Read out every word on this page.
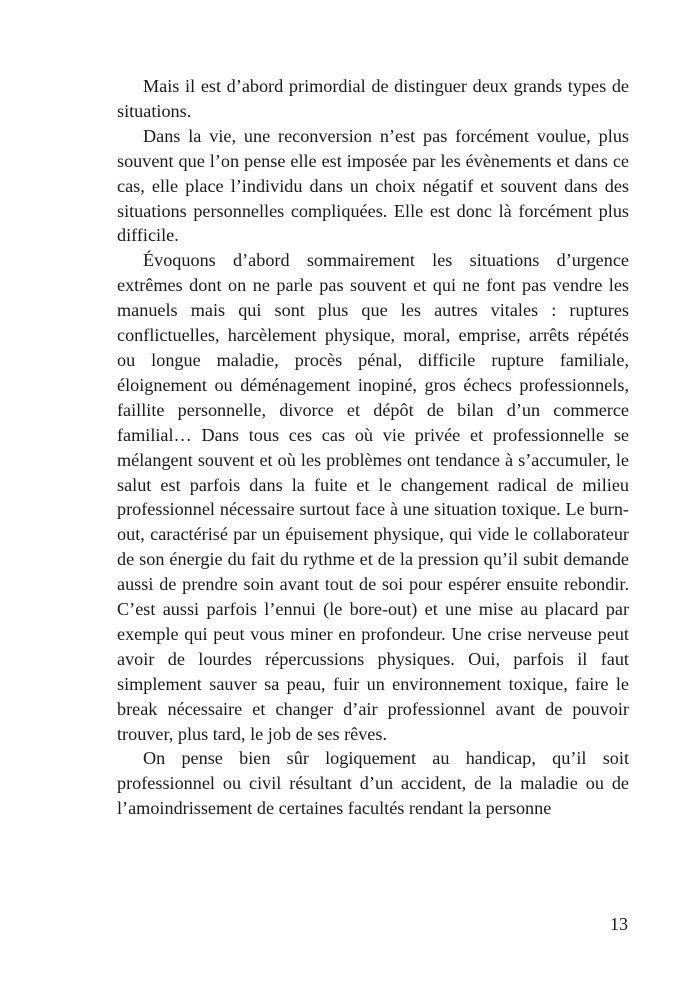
Mais il est d’abord primordial de distinguer deux grands types de situations.

Dans la vie, une reconversion n’est pas forcément voulue, plus souvent que l’on pense elle est imposée par les évènements et dans ce cas, elle place l’individu dans un choix négatif et souvent dans des situations personnelles compliquées. Elle est donc là forcément plus difficile.

Évoquons d’abord sommairement les situations d’urgence extrêmes dont on ne parle pas souvent et qui ne font pas vendre les manuels mais qui sont plus que les autres vitales : ruptures conflictuelles, harcèlement physique, moral, emprise, arrêts répétés ou longue maladie, procès pénal, difficile rupture familiale, éloignement ou déménagement inopiné, gros échecs professionnels, faillite personnelle, divorce et dépôt de bilan d’un commerce familial… Dans tous ces cas où vie privée et professionnelle se mélangent souvent et où les problèmes ont tendance à s’accumuler, le salut est parfois dans la fuite et le changement radical de milieu professionnel nécessaire surtout face à une situation toxique. Le burn-out, caractérisé par un épuisement physique, qui vide le collaborateur de son énergie du fait du rythme et de la pression qu’il subit demande aussi de prendre soin avant tout de soi pour espérer ensuite rebondir. C’est aussi parfois l’ennui (le bore-out) et une mise au placard par exemple qui peut vous miner en profondeur. Une crise nerveuse peut avoir de lourdes répercussions physiques. Oui, parfois il faut simplement sauver sa peau, fuir un environnement toxique, faire le break nécessaire et changer d’air professionnel avant de pouvoir trouver, plus tard, le job de ses rêves.

On pense bien sûr logiquement au handicap, qu’il soit professionnel ou civil résultant d’un accident, de la maladie ou de l’amoindrissement de certaines facultés rendant la personne

13
